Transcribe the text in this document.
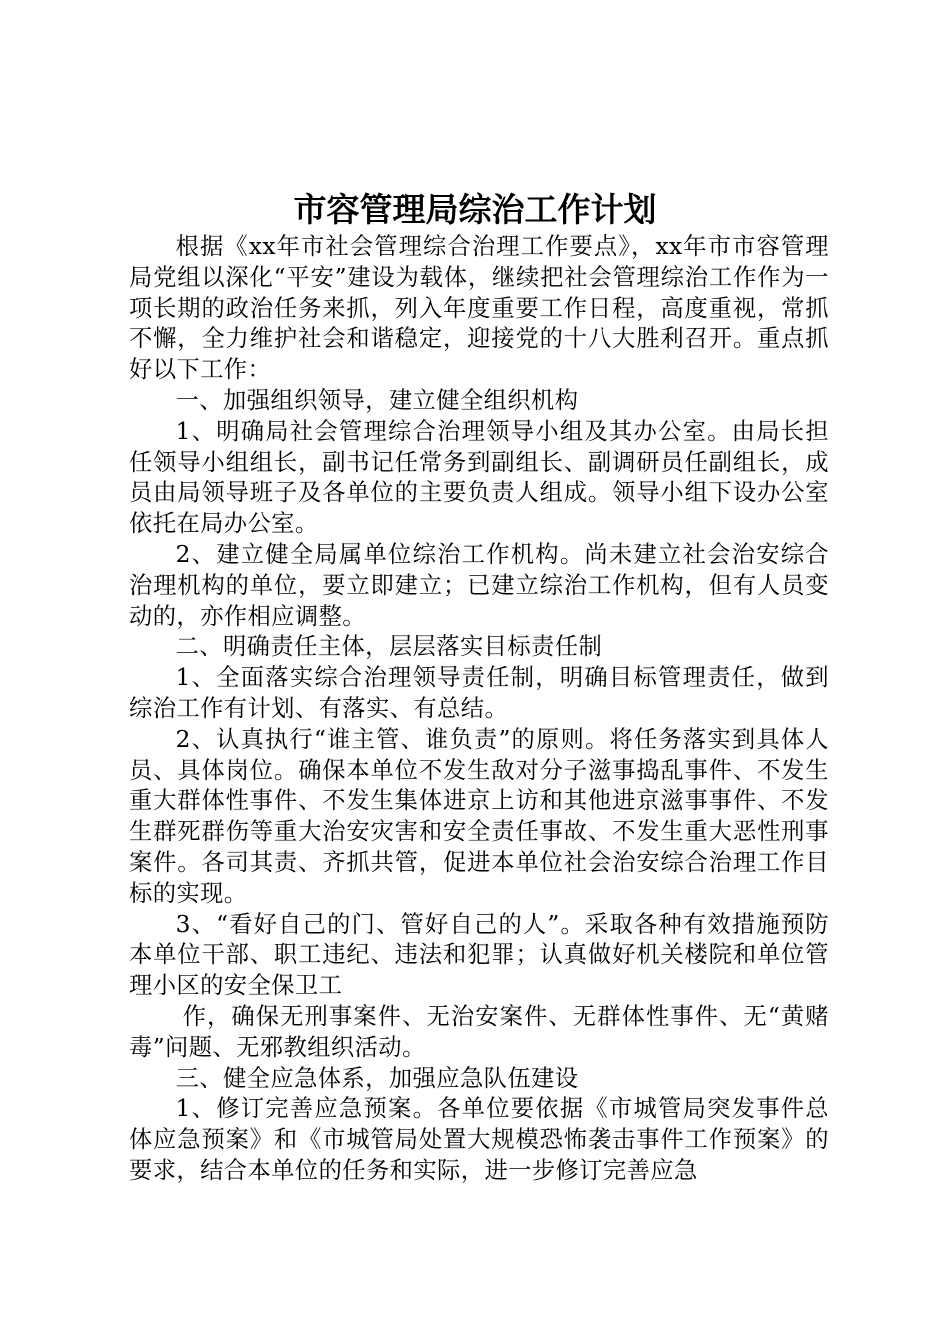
市容管理局综治工作计划

根据《xx年市社会管理综合治理工作要点》，xx年市市容管理局党组以深化“平安”建设为载体，继续把社会管理综治工作作为一项长期的政治任务来抓，列入年度重要工作日程，高度重视，常抓不懈，全力维护社会和谐稳定，迎接党的十八大胜利召开。重点抓好以下工作：

一、加强组织领导，建立健全组织机构

1、明确局社会管理综合治理领导小组及其办公室。由局长担任领导小组组长，副书记任常务到副组长、副调研员任副组长，成员由局领导班子及各单位的主要负责人组成。领导小组下设办公室依托在局办公室。

2、建立健全局属单位综治工作机构。尚未建立社会治安综合治理机构的单位，要立即建立；已建立综治工作机构，但有人员变动的，亦作相应调整。

二、明确责任主体，层层落实目标责任制

1、全面落实综合治理领导责任制，明确目标管理责任，做到综治工作有计划、有落实、有总结。

2、认真执行“谁主管、谁负责”的原则。将任务落实到具体人员、具体岗位。确保本单位不发生敌对分子滋事捣乱事件、不发生重大群体性事件、不发生集体进京上访和其他进京滋事事件、不发生群死群伤等重大治安灾害和安全责任事故、不发生重大恶性刑事案件。各司其责、齐抓共管，促进本单位社会治安综合治理工作目标的实现。

3、“看好自己的门、管好自己的人”。采取各种有效措施预防本单位干部、职工违纪、违法和犯罪；认真做好机关楼院和单位管理小区的安全保卫工

作，确保无刑事案件、无治安案件、无群体性事件、无“黄赌毒”问题、无邪教组织活动。

三、健全应急体系，加强应急队伍建设

1、修订完善应急预案。各单位要依据《市城管局突发事件总体应急预案》和《市城管局处置大规模恐怖袭击事件工作预案》的要求，结合本单位的任务和实际，进一步修订完善应急
